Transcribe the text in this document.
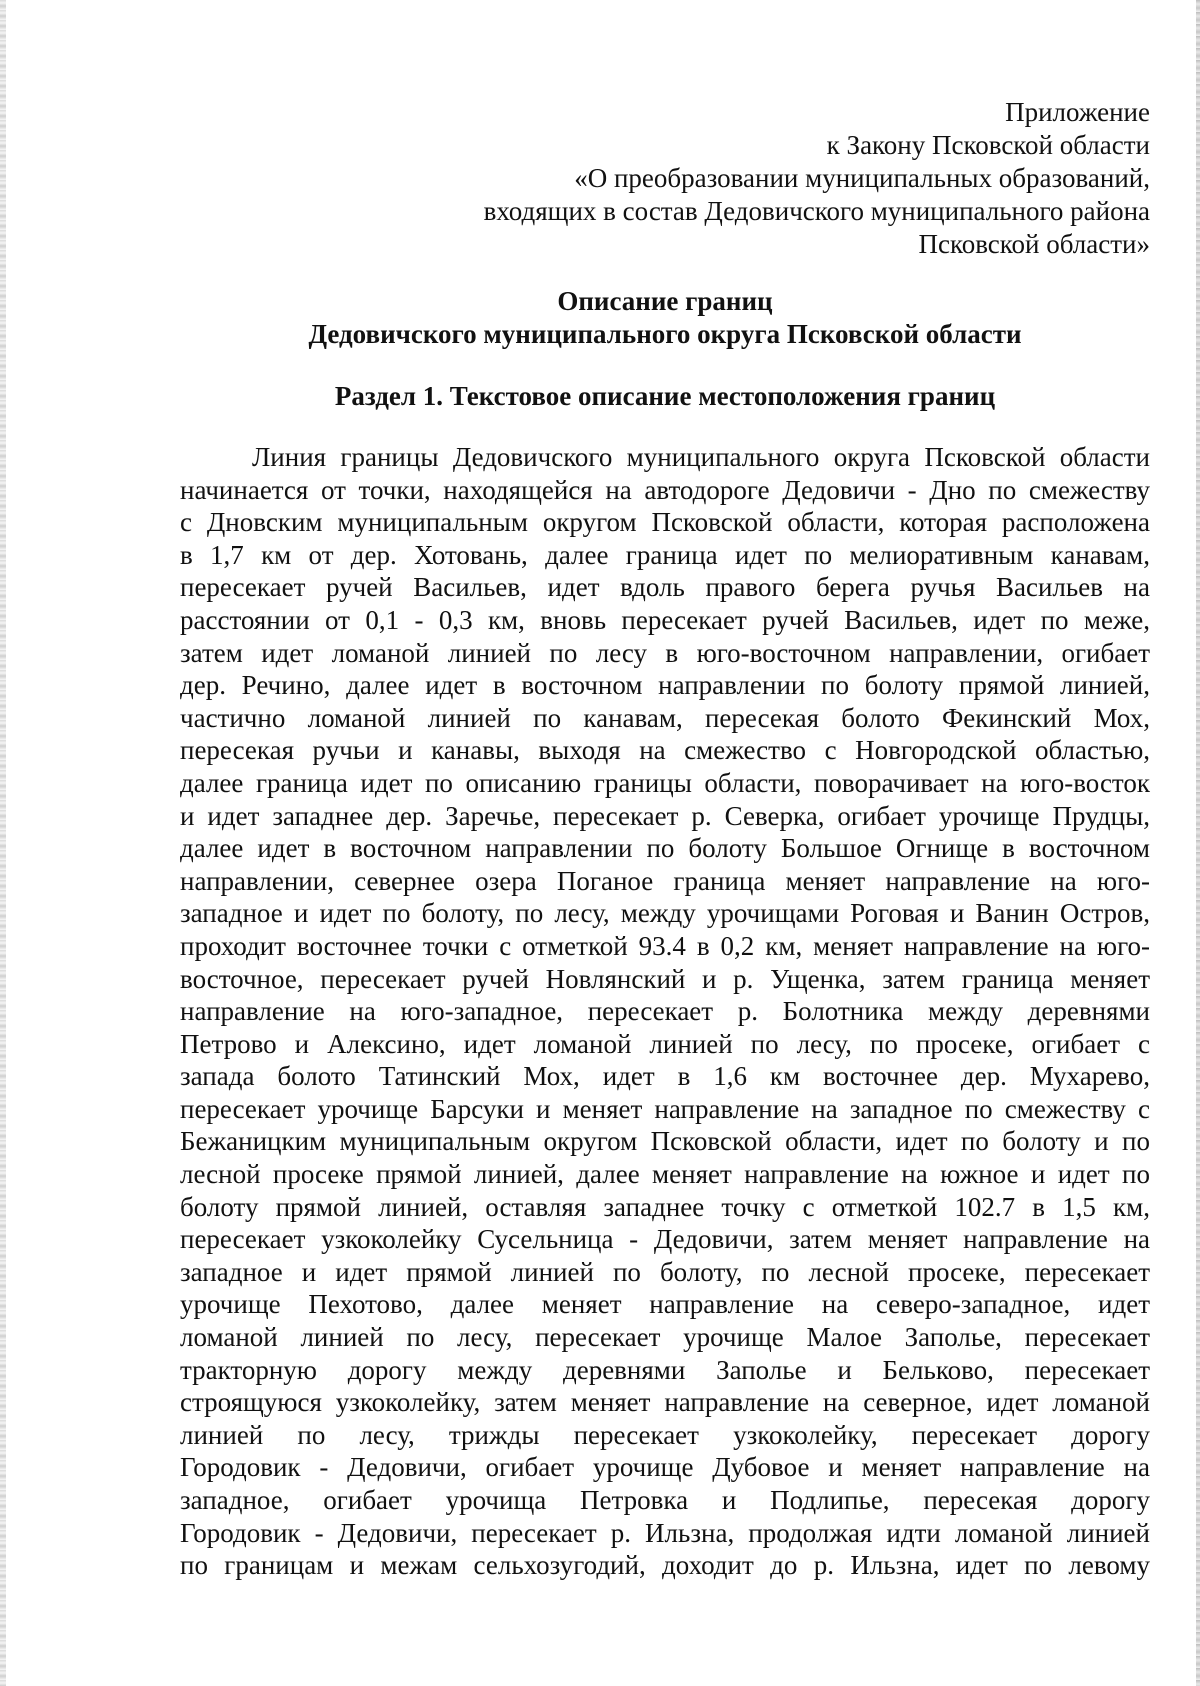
Приложение
к Закону Псковской области
«О преобразовании муниципальных образований,
входящих в состав Дедовичского муниципального района
Псковской области»
Описание границ
Дедовичского муниципального округа Псковской области
Раздел 1. Текстовое описание местоположения границ
Линия границы Дедовичского муниципального округа Псковской области
начинается от точки, находящейся на автодороге Дедовичи - Дно по смежеству
с Дновским муниципальным округом Псковской области, которая расположена
в 1,7 км от дер. Хотовань, далее граница идет по мелиоративным канавам,
пересекает ручей Васильев, идет вдоль правого берега ручья Васильев на
расстоянии от 0,1 - 0,3 км, вновь пересекает ручей Васильев, идет по меже,
затем идет ломаной линией по лесу в юго-восточном направлении, огибает
дер. Речино, далее идет в восточном направлении по болоту прямой линией,
частично ломаной линией по канавам, пересекая болото Фекинский Мох,
пересекая ручьи и канавы, выходя на смежество с Новгородской областью,
далее граница идет по описанию границы области, поворачивает на юго-восток
и идет западнее дер. Заречье, пересекает р. Северка, огибает урочище Прудцы,
далее идет в восточном направлении по болоту Большое Огнище в восточном
направлении, севернее озера Поганое граница меняет направление на юго-
западное и идет по болоту, по лесу, между урочищами Роговая и Ванин Остров,
проходит восточнее точки с отметкой 93.4 в 0,2 км, меняет направление на юго-
восточное, пересекает ручей Новлянский и р. Ущенка, затем граница меняет
направление на юго-западное, пересекает р. Болотника между деревнями
Петрово и Алексино, идет ломаной линией по лесу, по просеке, огибает с
запада болото Татинский Мох, идет в 1,6 км восточнее дер. Мухарево,
пересекает урочище Барсуки и меняет направление на западное по смежеству с
Бежаницким муниципальным округом Псковской области, идет по болоту и по
лесной просеке прямой линией, далее меняет направление на южное и идет по
болоту прямой линией, оставляя западнее точку с отметкой 102.7 в 1,5 км,
пересекает узкоколейку Сусельница - Дедовичи, затем меняет направление на
западное и идет прямой линией по болоту, по лесной просеке, пересекает
урочище Пехотово, далее меняет направление на северо-западное, идет
ломаной линией по лесу, пересекает урочище Малое Заполье, пересекает
тракторную дорогу между деревнями Заполье и Бельково, пересекает
строящуюся узкоколейку, затем меняет направление на северное, идет ломаной
линией по лесу, трижды пересекает узкоколейку, пересекает дорогу
Городовик - Дедовичи, огибает урочище Дубовое и меняет направление на
западное, огибает урочища Петровка и Подлипье, пересекая дорогу
Городовик - Дедовичи, пересекает р. Ильзна, продолжая идти ломаной линией
по границам и межам сельхозугодий, доходит до р. Ильзна, идет по левому
